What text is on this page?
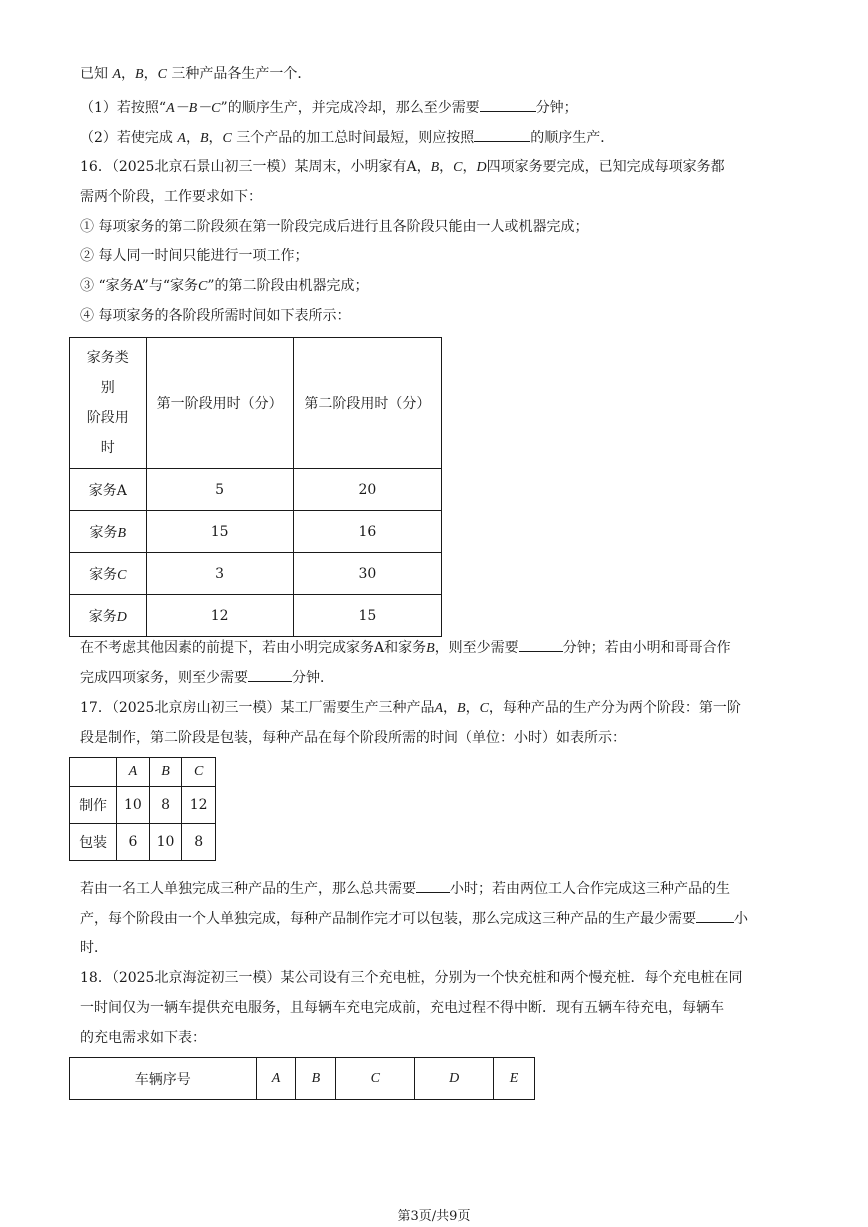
已知 A，B，C 三种产品各生产一个．
（1）若按照“A－B－C”的顺序生产，并完成冷却，那么至少需要	分钟；
（2）若使完成 A，B，C 三个产品的加工总时间最短，则应按照	的顺序生产．
16．（2025北京石景山初三一模）某周末，小明家有A，B，C，D四项家务要完成，已知完成每项家务都
需两个阶段，工作要求如下：
① 每项家务的第二阶段须在第一阶段完成后进行且各阶段只能由一人或机器完成；
② 每人同一时间只能进行一项工作；
③ “家务A”与“家务C”的第二阶段由机器完成；
④ 每项家务的各阶段所需时间如下表所示：
家务类
别
阶段用
时	第一阶段用时（分）	第二阶段用时（分）
家务A	5	20
家务B	15	16
家务C	3	30
家务D	12	15
在不考虑其他因素的前提下，若由小明完成家务A和家务B，则至少需要	分钟；若由小明和哥哥合作
完成四项家务，则至少需要	分钟．
17．（2025北京房山初三一模）某工厂需要生产三种产品A，B，C，每种产品的生产分为两个阶段：第一阶
段是制作，第二阶段是包装，每种产品在每个阶段所需的时间（单位：小时）如表所示：
	A	B	C
制作	10	8	12
包装	6	10	8
若由一名工人单独完成三种产品的生产，那么总共需要 小时；若由两位工人合作完成这三种产品的生
产，每个阶段由一个人单独完成，每种产品制作完才可以包装，那么完成这三种产品的生产最少需要	小
时．
18．（2025北京海淀初三一模）某公司设有三个充电桩，分别为一个快充桩和两个慢充桩．每个充电桩在同
一时间仅为一辆车提供充电服务，且每辆车充电完成前，充电过程不得中断．现有五辆车待充电，每辆车
的充电需求如下表：
车辆序号	A	B	C	D	E
第3页/共9页
